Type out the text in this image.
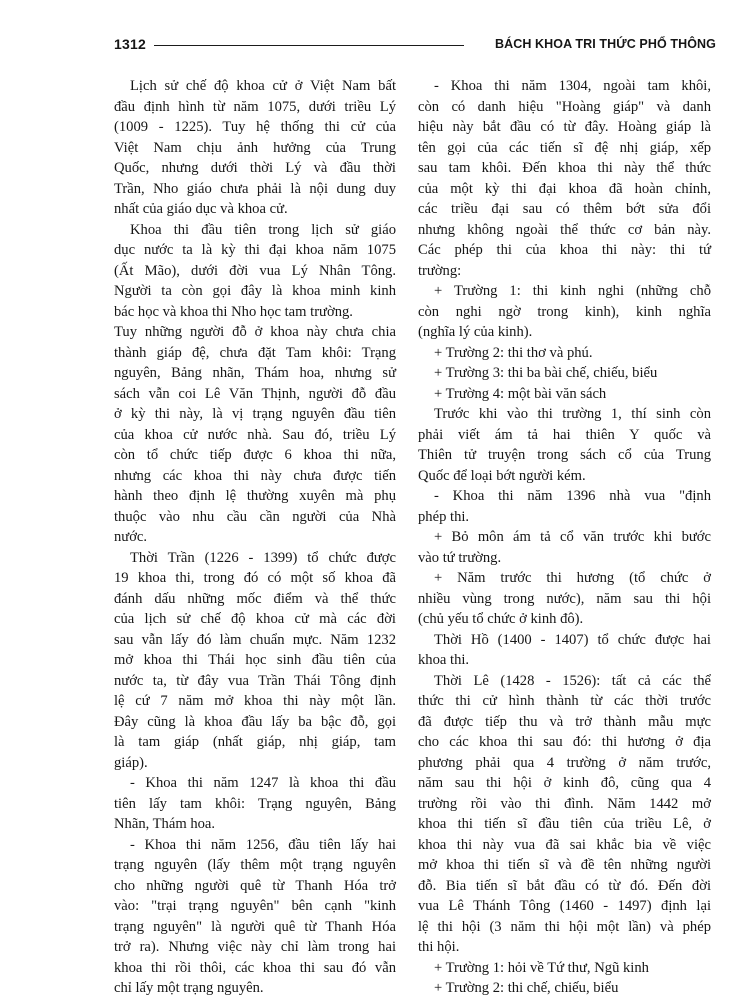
1312	BÁCH KHOA TRI THỨC PHỔ THÔNG
Lịch sử chế độ khoa cử ở Việt Nam bất
đầu định hình từ năm 1075, dưới triều Lý
(1009 - 1225). Tuy hệ thống thi cử của
Việt Nam chịu ảnh hưởng của Trung
Quốc, nhưng dưới thời Lý và đầu thời
Trần, Nho giáo chưa phải là nội dung duy
nhất của giáo dục và khoa cử.
Khoa thi đầu tiên trong lịch sử giáo
dục nước ta là kỳ thi đại khoa năm 1075
(Ất Mão), dưới đời vua Lý Nhân Tông.
Người ta còn gọi đây là khoa minh kinh
bác học và khoa thi Nho học tam trường.
Tuy những người đỗ ở khoa này chưa chia
thành giáp đệ, chưa đặt Tam khôi: Trạng
nguyên, Bảng nhãn, Thám hoa, nhưng sử
sách vẫn coi Lê Văn Thịnh, người đỗ đầu
ở kỳ thi này, là vị trạng nguyên đầu tiên
của khoa cử nước nhà. Sau đó, triều Lý
còn tổ chức tiếp được 6 khoa thi nữa,
nhưng các khoa thi này chưa được tiến
hành theo định lệ thường xuyên mà phụ
thuộc vào nhu cầu cần người của Nhà
nước.
Thời Trần (1226 - 1399) tổ chức được
19 khoa thi, trong đó có một số khoa đã
đánh dấu những mốc điểm và thể thức
của lịch sử chế độ khoa cử mà các đời
sau vẫn lấy đó làm chuẩn mực. Năm 1232
mở khoa thi Thái học sinh đầu tiên của
nước ta, từ đây vua Trần Thái Tông định
lệ cứ 7 năm mở khoa thi này một lần.
Đây cũng là khoa đầu lấy ba bậc đỗ, gọi
là tam giáp (nhất giáp, nhị giáp, tam
giáp).
- Khoa thi năm 1247 là khoa thi đầu
tiên lấy tam khôi: Trạng nguyên, Bảng
Nhãn, Thám hoa.
- Khoa thi năm 1256, đầu tiên lấy hai
trạng nguyên (lấy thêm một trạng nguyên
cho những người quê từ Thanh Hóa trở
vào: "trại trạng nguyên" bên cạnh "kinh
trạng nguyên" là người quê từ Thanh Hóa
trở ra). Nhưng việc này chỉ làm trong hai
khoa thi rồi thôi, các khoa thi sau đó vẫn
chỉ lấy một trạng nguyên.
- Khoa thi năm 1304, ngoài tam khôi,
còn có danh hiệu "Hoàng giáp" và danh
hiệu này bắt đầu có từ đây. Hoàng giáp là
tên gọi của các tiến sĩ đệ nhị giáp, xếp
sau tam khôi. Đến khoa thi này thể thức
của một kỳ thi đại khoa đã hoàn chỉnh,
các triều đại sau có thêm bớt sửa đổi
nhưng không ngoài thể thức cơ bản này.
Các phép thi của khoa thi này: thi tứ
trường:
+ Trường 1: thi kinh nghi (những chỗ
còn nghi ngờ trong kinh), kinh nghĩa
(nghĩa lý của kinh).
+ Trường 2: thi thơ và phú.
+ Trường 3: thi ba bài chế, chiếu, biểu
+ Trường 4: một bài văn sách
Trước khi vào thi trường 1, thí sinh còn
phải viết ám tả hai thiên Y quốc và
Thiên tử truyện trong sách cổ của Trung
Quốc để loại bớt người kém.
- Khoa thi năm 1396 nhà vua "định
phép thi.
+ Bỏ môn ám tả cổ văn trước khi bước
vào tứ trường.
+ Năm trước thi hương (tổ chức ở
nhiều vùng trong nước), năm sau thi hội
(chủ yếu tổ chức ở kinh đô).
Thời Hồ (1400 - 1407) tổ chức được hai
khoa thi.
Thời Lê (1428 - 1526): tất cả các thể
thức thi cử hình thành từ các thời trước
đã được tiếp thu và trở thành mẫu mực
cho các khoa thi sau đó: thi hương ở địa
phương phải qua 4 trường ở năm trước,
năm sau thi hội ở kinh đô, cũng qua 4
trường rồi vào thi đình. Năm 1442 mở
khoa thi tiến sĩ đầu tiên của triều Lê, ở
khoa thi này vua đã sai khắc bia về việc
mở khoa thi tiến sĩ và đề tên những người
đỗ. Bia tiến sĩ bắt đầu có từ đó. Đến đời
vua Lê Thánh Tông (1460 - 1497) định lại
lệ thi hội (3 năm thi hội một lần) và phép
thi hội.
+ Trường 1: hỏi về Tứ thư, Ngũ kinh
+ Trường 2: thi chế, chiếu, biểu
